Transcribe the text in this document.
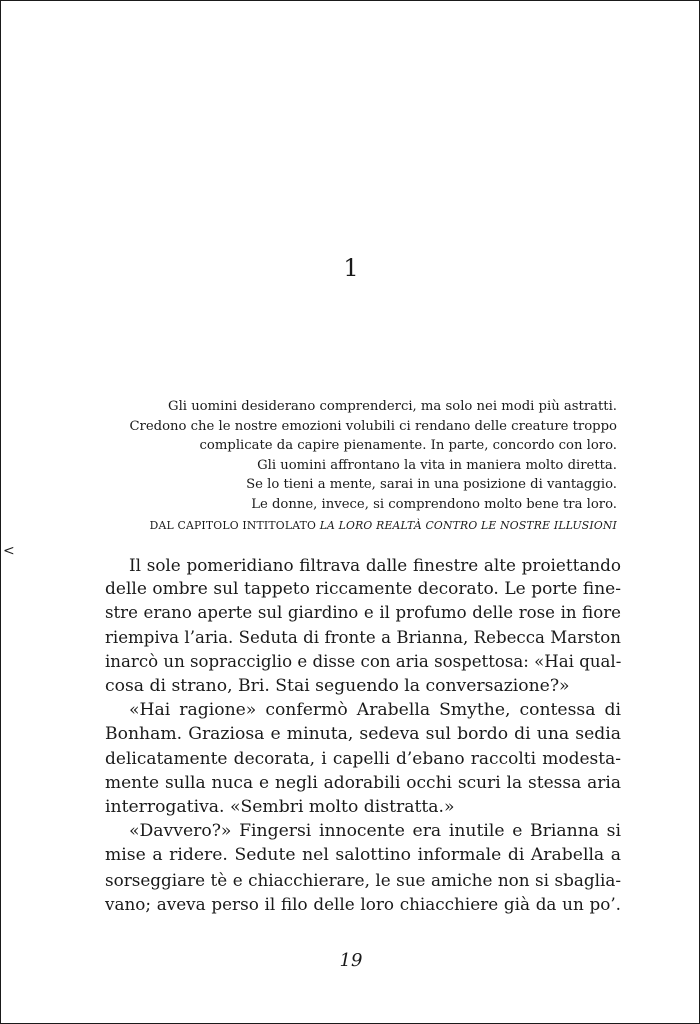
<
1
Gli uomini desiderano comprenderci, ma solo nei modi più astratti.
Credono che le nostre emozioni volubili ci rendano delle creature troppo
complicate da capire pienamente. In parte, concordo con loro.
Gli uomini affrontano la vita in maniera molto diretta.
Se lo tieni a mente, sarai in una posizione di vantaggio.
Le donne, invece, si comprendono molto bene tra loro.
DAL CAPITOLO INTITOLATO LA LORO REALTÀ CONTRO LE NOSTRE ILLUSIONI
Il sole pomeridiano filtrava dalle finestre alte proiettando
delle ombre sul tappeto riccamente decorato. Le porte fine-
stre erano aperte sul giardino e il profumo delle rose in fiore
riempiva l’aria. Seduta di fronte a Brianna, Rebecca Marston
inarcò un sopracciglio e disse con aria sospettosa: «Hai qual-
cosa di strano, Bri. Stai seguendo la conversazione?»
«Hai ragione» confermò Arabella Smythe, contessa di
Bonham. Graziosa e minuta, sedeva sul bordo di una sedia
delicatamente decorata, i capelli d’ebano raccolti modesta-
mente sulla nuca e negli adorabili occhi scuri la stessa aria
interrogativa. «Sembri molto distratta.»
«Davvero?» Fingersi innocente era inutile e Brianna si
mise a ridere. Sedute nel salottino informale di Arabella a
sorseggiare tè e chiacchierare, le sue amiche non si sbaglia-
vano; aveva perso il filo delle loro chiacchiere già da un po’.
19
